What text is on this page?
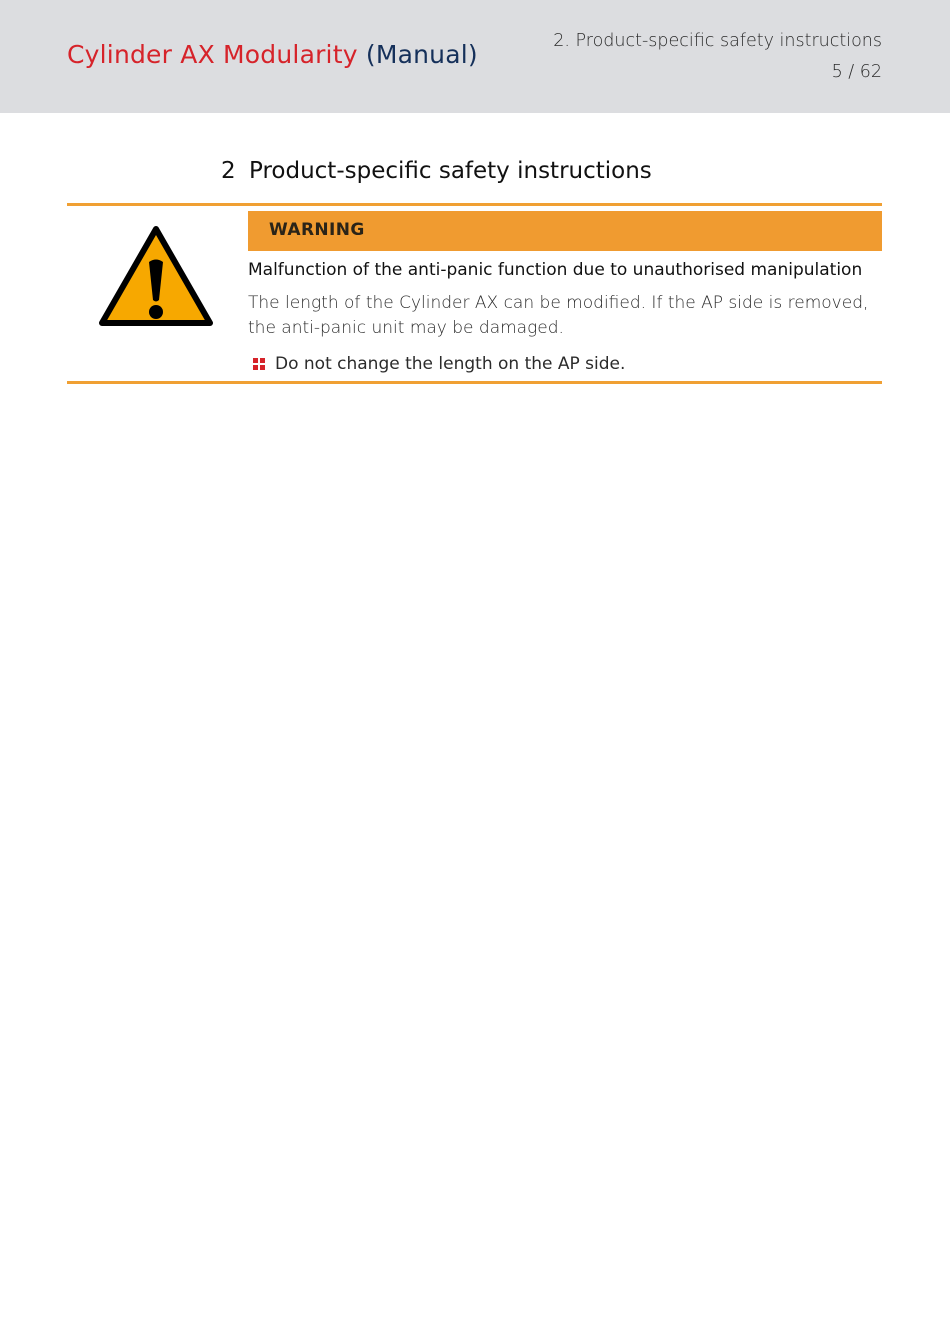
Cylinder AX Modularity (Manual)	2. Product-specific safety instructions
5 / 62
2 Product-specific safety instructions
WARNING
Malfunction of the anti-panic function due to unauthorised manipulation
The length of the Cylinder AX can be modified. If the AP side is removed, the anti-panic unit may be damaged.
Do not change the length on the AP side.
